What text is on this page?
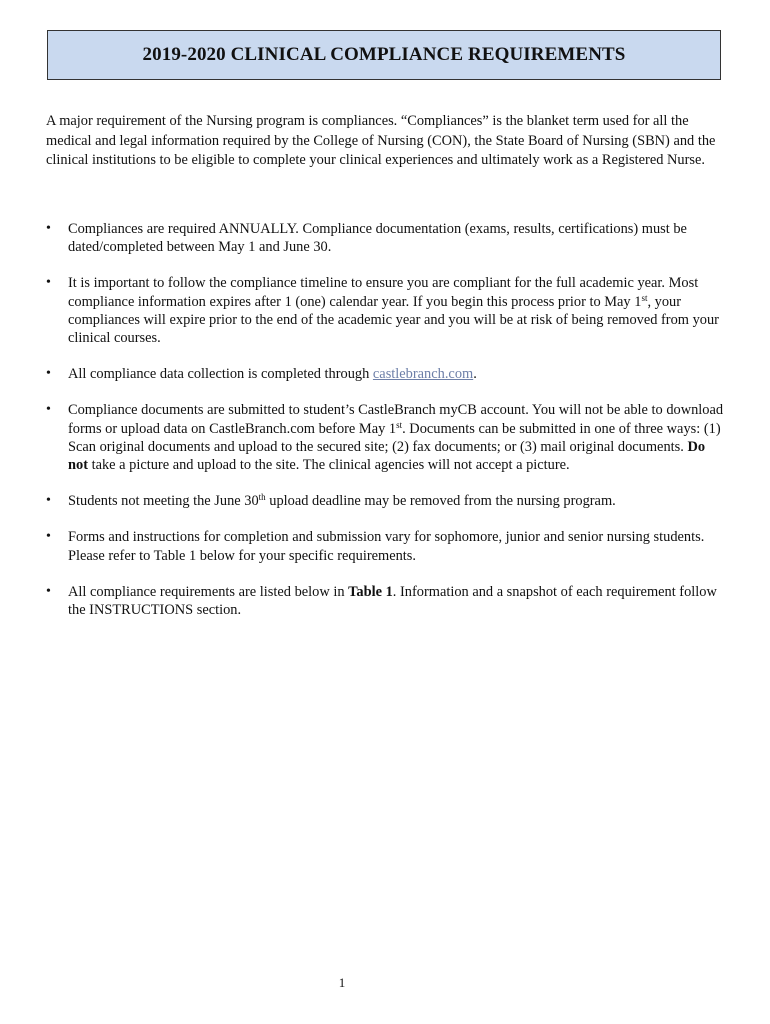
2019-2020 CLINICAL COMPLIANCE REQUIREMENTS

A major requirement of the Nursing program is compliances. “Compliances” is the blanket term used for all the medical and legal information required by the College of Nursing (CON), the State Board of Nursing (SBN) and the clinical institutions to be eligible to complete your clinical experiences and ultimately work as a Registered Nurse.

• Compliances are required ANNUALLY. Compliance documentation (exams, results, certifications) must be dated/completed between May 1 and June 30.
• It is important to follow the compliance timeline to ensure you are compliant for the full academic year. Most compliance information expires after 1 (one) calendar year. If you begin this process prior to May 1st, your compliances will expire prior to the end of the academic year and you will be at risk of being removed from your clinical courses.
• All compliance data collection is completed through castlebranch.com.
• Compliance documents are submitted to student’s CastleBranch myCB account. You will not be able to download forms or upload data on CastleBranch.com before May 1st. Documents can be submitted in one of three ways: (1) Scan original documents and upload to the secured site; (2) fax documents; or (3) mail original documents. Do not take a picture and upload to the site. The clinical agencies will not accept a picture.
• Students not meeting the June 30th upload deadline may be removed from the nursing program.
• Forms and instructions for completion and submission vary for sophomore, junior and senior nursing students. Please refer to Table 1 below for your specific requirements.
• All compliance requirements are listed below in Table 1. Information and a snapshot of each requirement follow the INSTRUCTIONS section.
1
